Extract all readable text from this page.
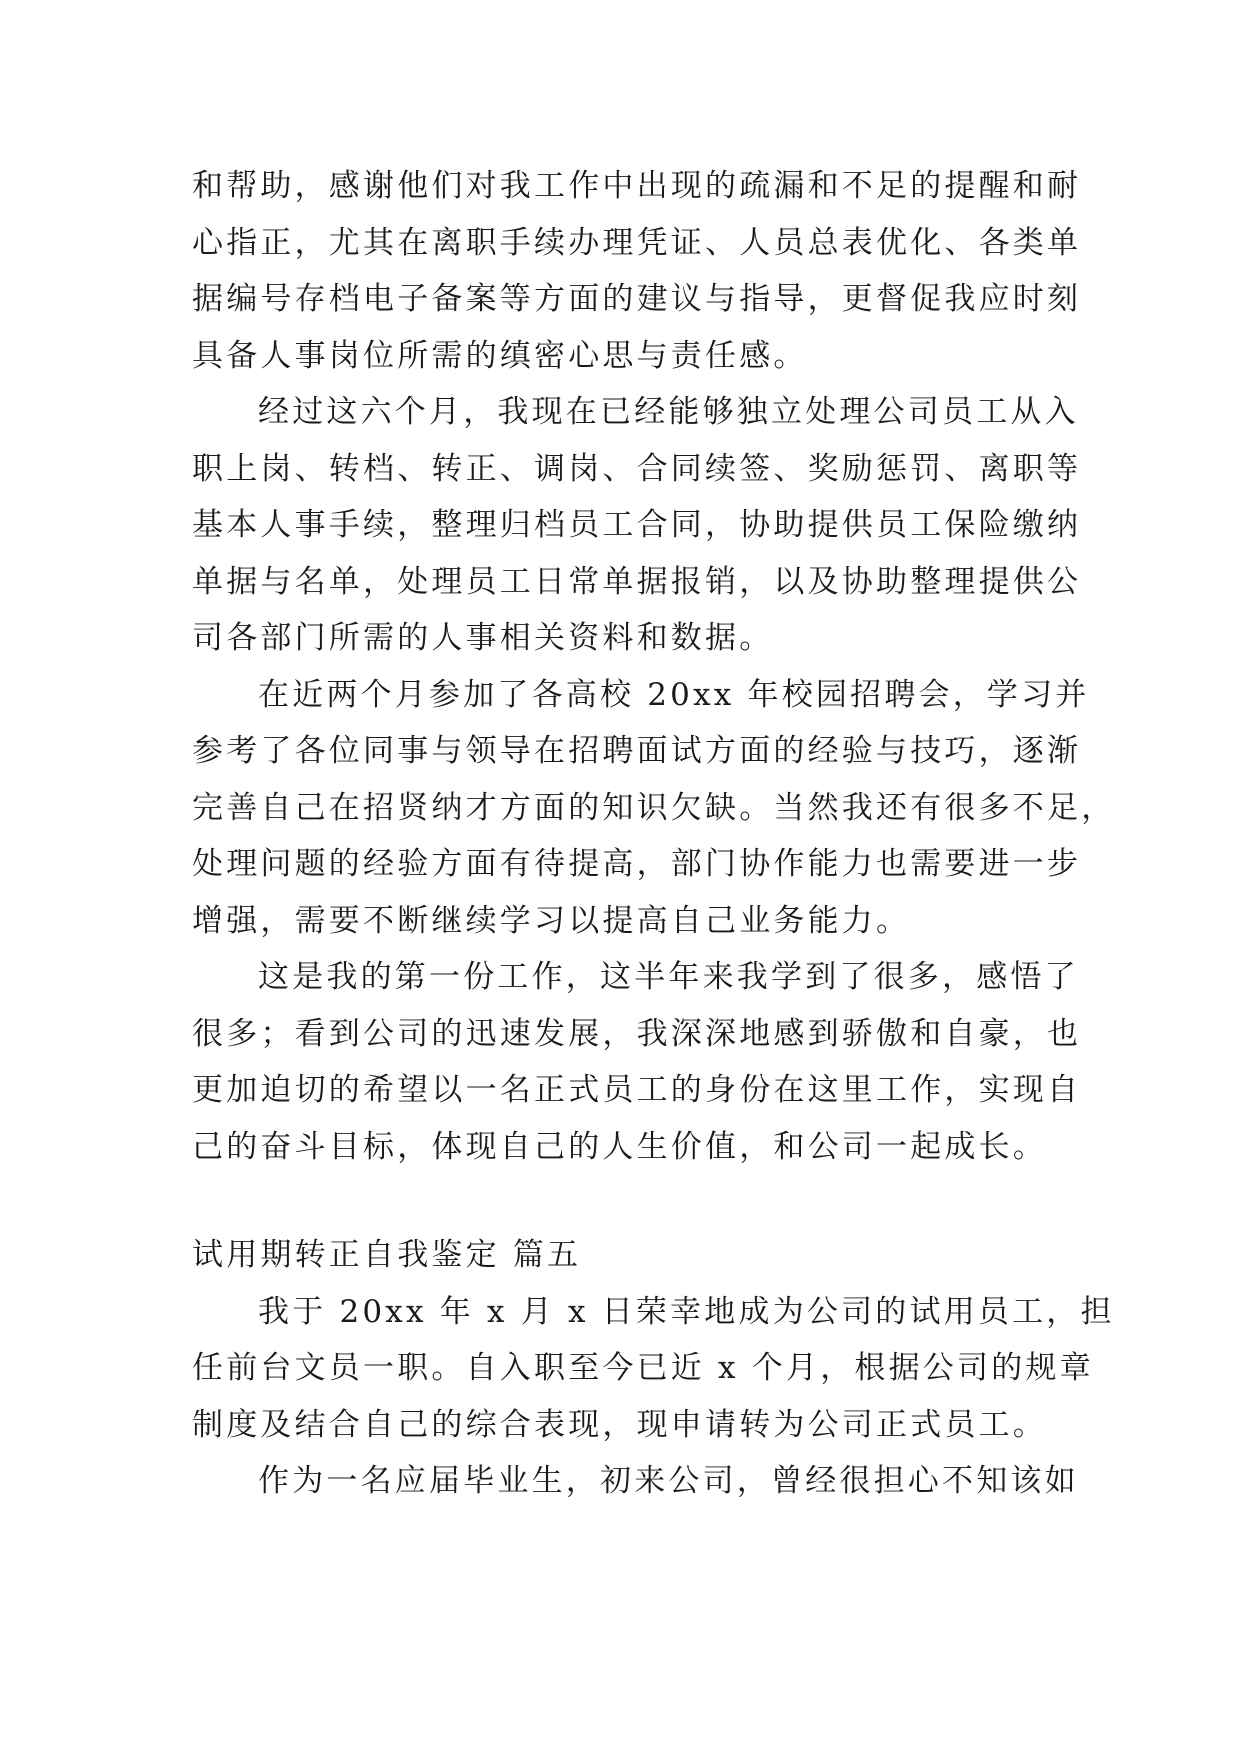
和帮助，感谢他们对我工作中出现的疏漏和不足的提醒和耐
心指正，尤其在离职手续办理凭证、人员总表优化、各类单
据编号存档电子备案等方面的建议与指导，更督促我应时刻
具备人事岗位所需的缜密心思与责任感。

经过这六个月，我现在已经能够独立处理公司员工从入
职上岗、转档、转正、调岗、合同续签、奖励惩罚、离职等
基本人事手续，整理归档员工合同，协助提供员工保险缴纳
单据与名单，处理员工日常单据报销，以及协助整理提供公
司各部门所需的人事相关资料和数据。

在近两个月参加了各高校 20xx 年校园招聘会，学习并
参考了各位同事与领导在招聘面试方面的经验与技巧，逐渐
完善自己在招贤纳才方面的知识欠缺。当然我还有很多不足，
处理问题的经验方面有待提高，部门协作能力也需要进一步
增强，需要不断继续学习以提高自己业务能力。

这是我的第一份工作，这半年来我学到了很多，感悟了
很多；看到公司的迅速发展，我深深地感到骄傲和自豪，也
更加迫切的希望以一名正式员工的身份在这里工作，实现自
己的奋斗目标，体现自己的人生价值，和公司一起成长。

试用期转正自我鉴定 篇五

我于 20xx 年 x 月 x 日荣幸地成为公司的试用员工，担
任前台文员一职。自入职至今已近 x 个月，根据公司的规章
制度及结合自己的综合表现，现申请转为公司正式员工。

作为一名应届毕业生，初来公司，曾经很担心不知该如
